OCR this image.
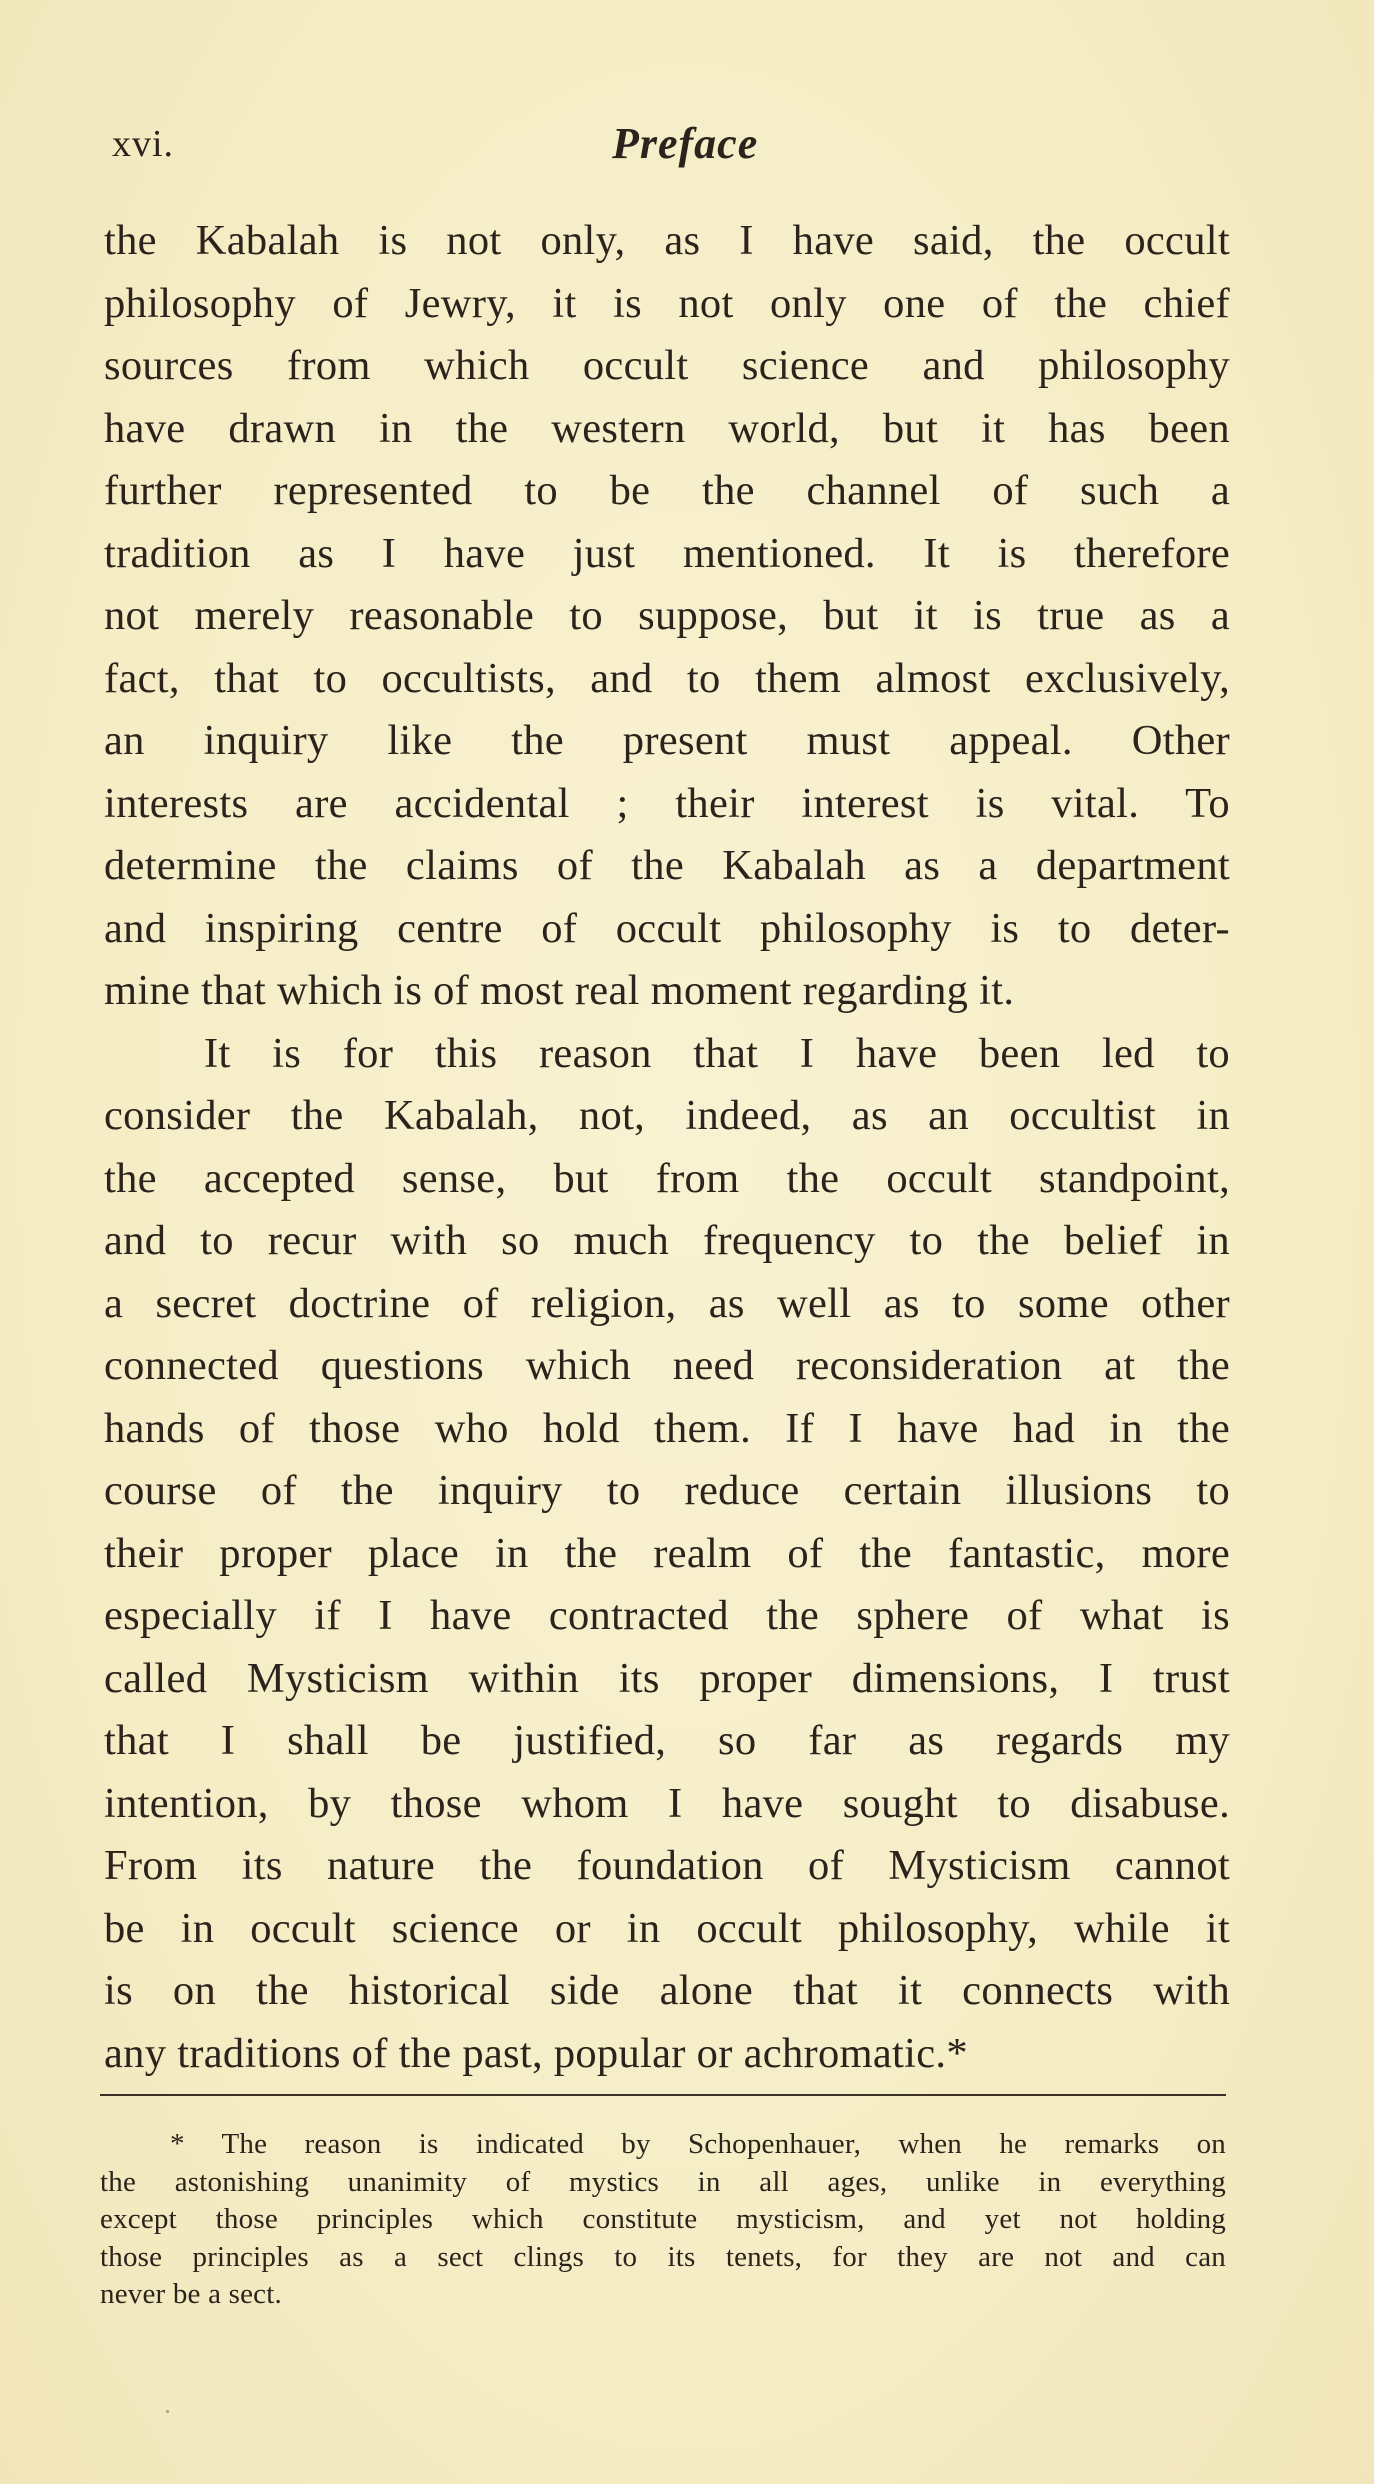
xvi.	Preface
the Kabalah is not only, as I have said, the occult
philosophy of Jewry, it is not only one of the chief
sources from which occult science and philosophy
have drawn in the western world, but it has been
further represented to be the channel of such a
tradition as I have just mentioned. It is therefore
not merely reasonable to suppose, but it is true as a
fact, that to occultists, and to them almost exclusively,
an inquiry like the present must appeal. Other
interests are accidental ; their interest is vital. To
determine the claims of the Kabalah as a department
and inspiring centre of occult philosophy is to deter-
mine that which is of most real moment regarding it.
It is for this reason that I have been led to
consider the Kabalah, not, indeed, as an occultist in
the accepted sense, but from the occult standpoint,
and to recur with so much frequency to the belief in
a secret doctrine of religion, as well as to some other
connected questions which need reconsideration at the
hands of those who hold them. If I have had in the
course of the inquiry to reduce certain illusions to
their proper place in the realm of the fantastic, more
especially if I have contracted the sphere of what is
called Mysticism within its proper dimensions, I trust
that I shall be justified, so far as regards my
intention, by those whom I have sought to disabuse.
From its nature the foundation of Mysticism cannot
be in occult science or in occult philosophy, while it
is on the historical side alone that it connects with
any traditions of the past, popular or achromatic.*
* The reason is indicated by Schopenhauer, when he remarks on
the astonishing unanimity of mystics in all ages, unlike in everything
except those principles which constitute mysticism, and yet not holding
those principles as a sect clings to its tenets, for they are not and can
never be a sect.
